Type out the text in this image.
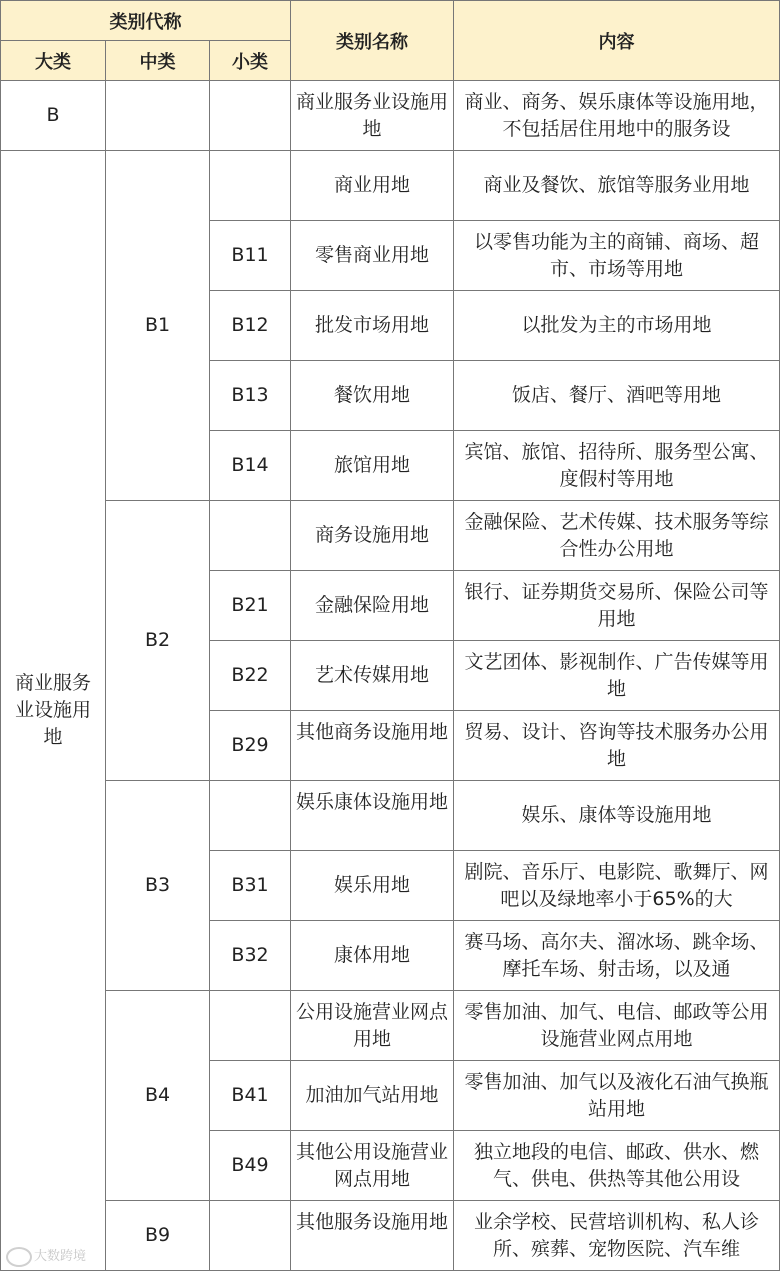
类别代称			类别名称	内容
大类	中类	小类		
B			商业服务业设施用地	商业、商务、娱乐康体等设施用地，不包括居住用地中的服务设

商业服务业设施用地	B1		商业用地	商业及餐饮、旅馆等服务业用地
		B11	零售商业用地	以零售功能为主的商铺、商场、超市、市场等用地

		B12	批发市场用地	以批发为主的市场用地
		B13	餐饮用地	饭店、餐厅、酒吧等用地
		B14	旅馆用地	宾馆、旅馆、招待所、服务型公寓、度假村等用地

	B2		商务设施用地	金融保险、艺术传媒、技术服务等综合性办公用地

		B21	金融保险用地	银行、证券期货交易所、保险公司等用地

		B22	艺术传媒用地	文艺团体、影视制作、广告传媒等用地

		B29	其他商务设施用地	贸易、设计、咨询等技术服务办公用地

	B3		娱乐康体设施用地	娱乐、康体等设施用地
		B31	娱乐用地	剧院、音乐厅、电影院、歌舞厅、网吧以及绿地率小于65%的大

		B32	康体用地	赛马场、高尔夫、溜冰场、跳伞场、摩托车场、射击场，以及通

	B4		公用设施营业网点用地	零售加油、加气、电信、邮政等公用设施营业网点用地

		B41	加油加气站用地	零售加油、加气以及液化石油气换瓶站用地

		B49	其他公用设施营业网点用地	独立地段的电信、邮政、供水、燃气、供电、供热等其他公用设

	B9		其他服务设施用地	业余学校、民营培训机构、私人诊所、殡葬、宠物医院、汽车维
大数跨境
